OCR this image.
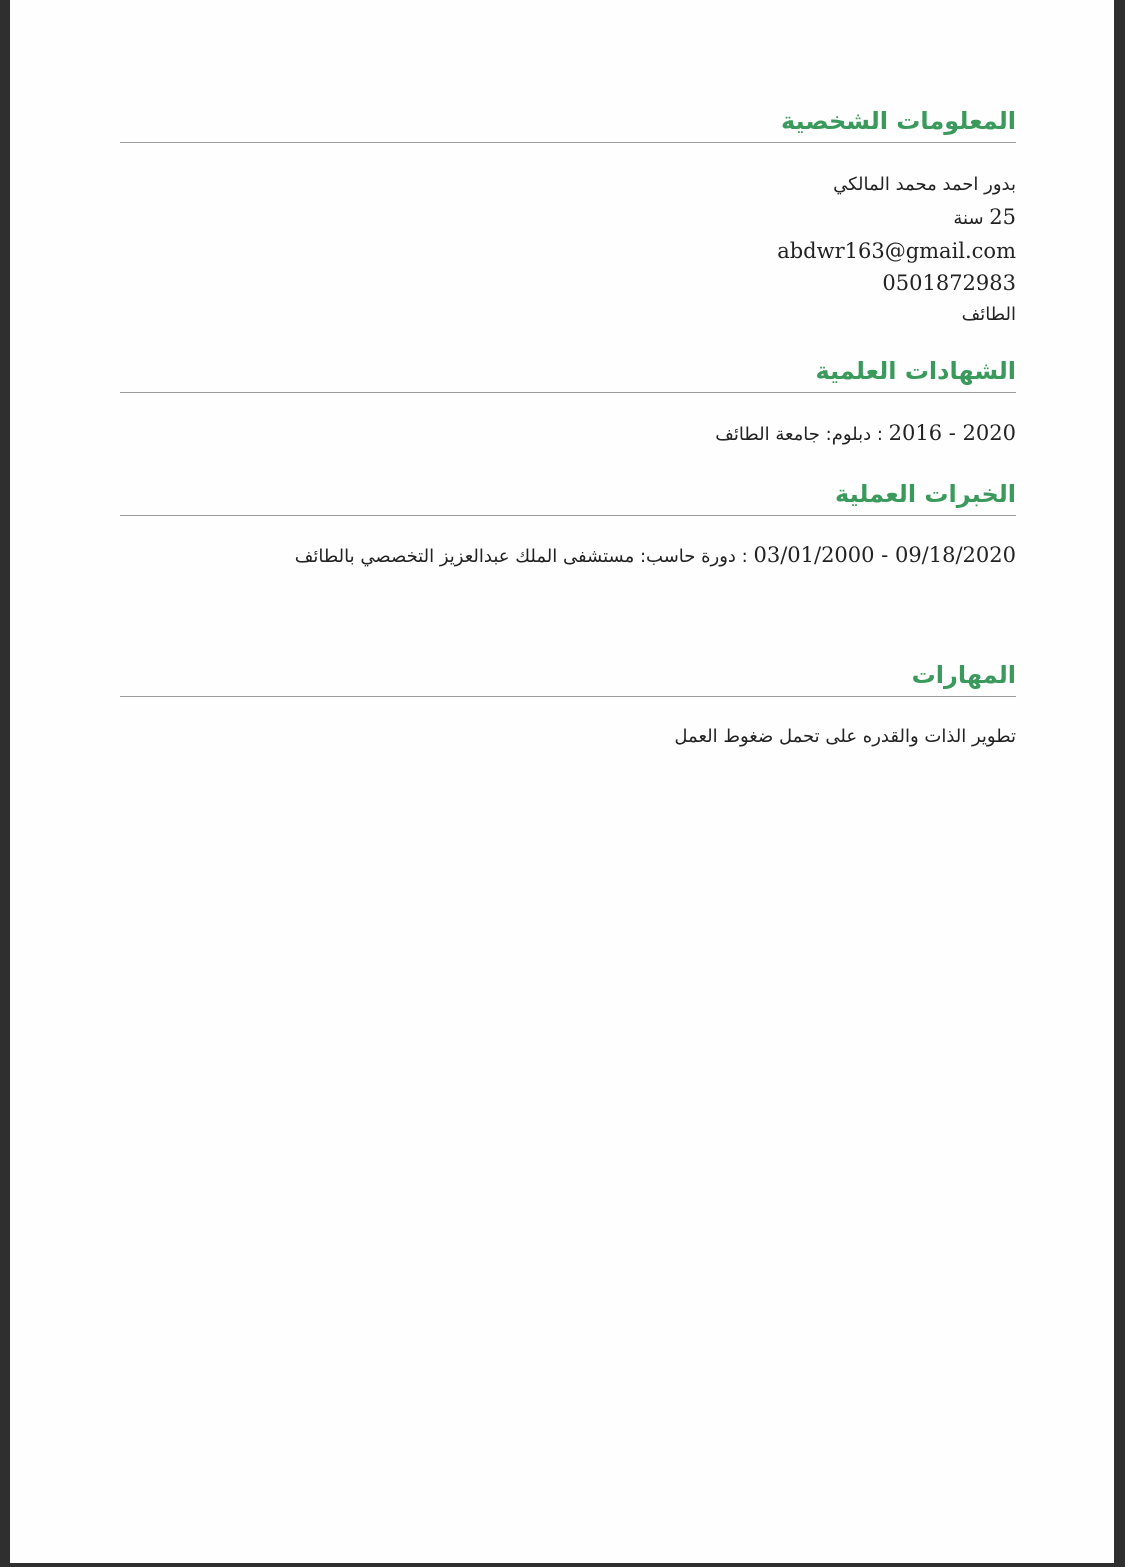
المعلومات الشخصية
بدور احمد محمد المالكي
25 سنة
abdwr163@gmail.com
0501872983
الطائف
الشهادات العلمية
2016 - 2020 : دبلوم: جامعة الطائف
الخبرات العملية
03/01/2000 - 09/18/2020 : دورة حاسب: مستشفى الملك عبدالعزيز التخصصي بالطائف
المهارات
تطوير الذات والقدره على تحمل ضغوط العمل
